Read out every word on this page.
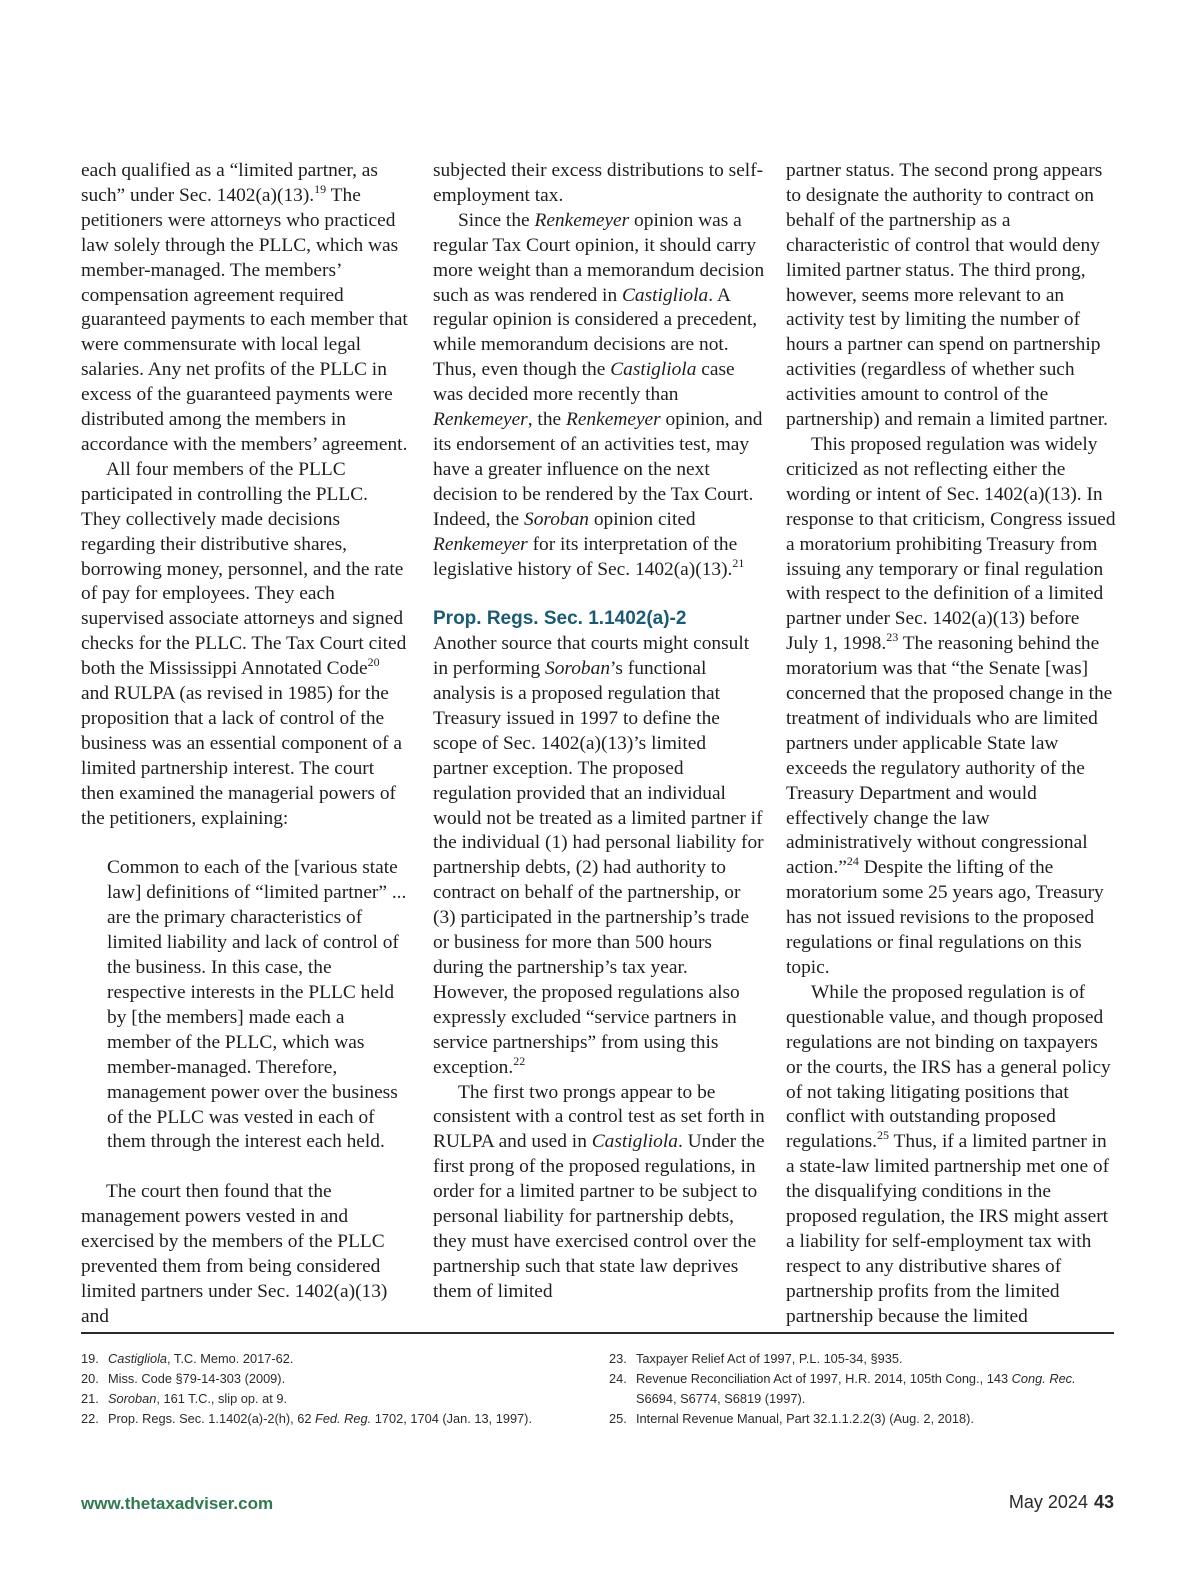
each qualified as a “limited partner, as such” under Sec. 1402(a)(13).$^{19}$ The petitioners were attorneys who practiced law solely through the PLLC, which was member-managed. The members’ compensation agreement required guaranteed payments to each member that were commensurate with local legal salaries. Any net profits of the PLLC in excess of the guaranteed payments were distributed among the members in accordance with the members’ agreement.

All four members of the PLLC participated in controlling the PLLC. They collectively made decisions regarding their distributive shares, borrowing money, personnel, and the rate of pay for employees. They each supervised associate attorneys and signed checks for the PLLC. The Tax Court cited both the Mississippi Annotated Code$^{20}$ and RULPA (as revised in 1985) for the proposition that a lack of control of the business was an essential component of a limited partnership interest. The court then examined the managerial powers of the petitioners, explaining:

Common to each of the [various state law] definitions of “limited partner” ... are the primary characteristics of limited liability and lack of control of the business. In this case, the respective interests in the PLLC held by [the members] made each a member of the PLLC, which was member-managed. Therefore, management power over the business of the PLLC was vested in each of them through the interest each held.

The court then found that the management powers vested in and exercised by the members of the PLLC prevented them from being considered limited partners under Sec. 1402(a)(13) and

subjected their excess distributions to self-employment tax.

Since the Renkemeyer opinion was a regular Tax Court opinion, it should carry more weight than a memorandum decision such as was rendered in Castigliola. A regular opinion is considered a precedent, while memorandum decisions are not. Thus, even though the Castigliola case was decided more recently than Renkemeyer, the Renkemeyer opinion, and its endorsement of an activities test, may have a greater influence on the next decision to be rendered by the Tax Court. Indeed, the Soroban opinion cited Renkemeyer for its interpretation of the legislative history of Sec. 1402(a)(13).$^{21}$

Prop. Regs. Sec. 1.1402(a)-2

Another source that courts might consult in performing Soroban’s functional analysis is a proposed regulation that Treasury issued in 1997 to define the scope of Sec. 1402(a)(13)’s limited partner exception. The proposed regulation provided that an individual would not be treated as a limited partner if the individual (1) had personal liability for partnership debts, (2) had authority to contract on behalf of the partnership, or (3) participated in the partnership’s trade or business for more than 500 hours during the partnership’s tax year. However, the proposed regulations also expressly excluded “service partners in service partnerships” from using this exception.$^{22}$

The first two prongs appear to be consistent with a control test as set forth in RULPA and used in Castigliola. Under the first prong of the proposed regulations, in order for a limited partner to be subject to personal liability for partnership debts, they must have exercised control over the partnership such that state law deprives them of limited

partner status. The second prong appears to designate the authority to contract on behalf of the partnership as a characteristic of control that would deny limited partner status. The third prong, however, seems more relevant to an activity test by limiting the number of hours a partner can spend on partnership activities (regardless of whether such activities amount to control of the partnership) and remain a limited partner.

This proposed regulation was widely criticized as not reflecting either the wording or intent of Sec. 1402(a)(13). In response to that criticism, Congress issued a moratorium prohibiting Treasury from issuing any temporary or final regulation with respect to the definition of a limited partner under Sec. 1402(a)(13) before July 1, 1998.23 The reasoning behind the moratorium was that “the Senate [was] concerned that the proposed change in the treatment of individuals who are limited partners under applicable State law exceeds the regulatory authority of the Treasury Department and would effectively change the law administratively without congressional action.”$^{24}$ Despite the lifting of the moratorium some 25 years ago, Treasury has not issued revisions to the proposed regulations or final regulations on this topic.

While the proposed regulation is of questionable value, and though proposed regulations are not binding on taxpayers or the courts, the IRS has a general policy of not taking litigating positions that conflict with outstanding proposed regulations.$^{25}$ Thus, if a limited partner in a state-law limited partnership met one of the disqualifying conditions in the proposed regulation, the IRS might assert a liability for self-employment tax with respect to any distributive shares of partnership profits from the limited partnership because the limited

19. Castigliola, T.C. Memo. 2017-62.
20. Miss. Code §79-14-303 (2009).
21. Soroban, 161 T.C., slip op. at 9.
22. Prop. Regs. Sec. 1.1402(a)-2(h), 62 Fed. Reg. 1702, 1704 (Jan. 13, 1997).
23. Taxpayer Relief Act of 1997, P.L. 105-34, §935.
24. Revenue Reconciliation Act of 1997, H.R. 2014, 105th Cong., 143 Cong. Rec. S6694, S6774, S6819 (1997).
25. Internal Revenue Manual, Part 32.1.1.2.2(3) (Aug. 2, 2018).
www.thetaxadviser.com	May 2024 43
